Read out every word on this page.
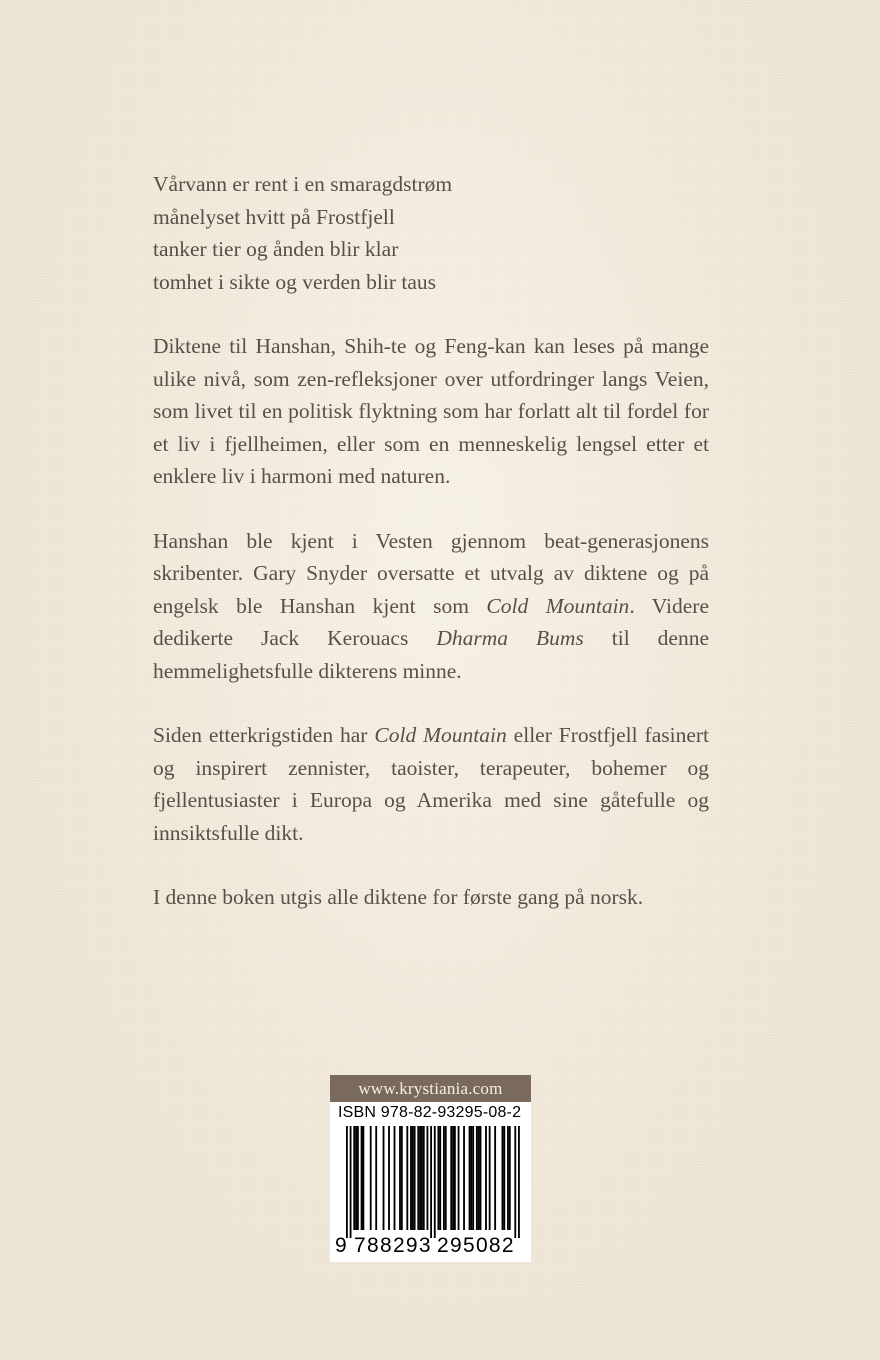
Vårvann er rent i en smaragdstrøm
månelyset hvitt på Frostfjell
tanker tier og ånden blir klar
tomhet i sikte og verden blir taus

Diktene til Hanshan, Shih-te og Feng-kan kan leses på mange ulike nivå, som zen-refleksjoner over utfordringer langs Veien, som livet til en politisk flyktning som har forlatt alt til fordel for et liv i fjellheimen, eller som en menneskelig lengsel etter et enklere liv i harmoni med naturen.

Hanshan ble kjent i Vesten gjennom beat-generasjonens skribenter. Gary Snyder oversatte et utvalg av diktene og på engelsk ble Hanshan kjent som Cold Mountain. Videre dedikerte Jack Kerouacs Dharma Bums til denne hemmelighetsfulle dikterens minne.

Siden etterkrigstiden har Cold Mountain eller Frostfjell fasinert og inspirert zennister, taoister, terapeuter, bohemer og fjellentusiaster i Europa og Amerika med sine gåtefulle og innsiktsfulle dikt.

I denne boken utgis alle diktene for første gang på norsk.

www.krystiania.com
ISBN 978-82-93295-08-2
9 788293 295082
